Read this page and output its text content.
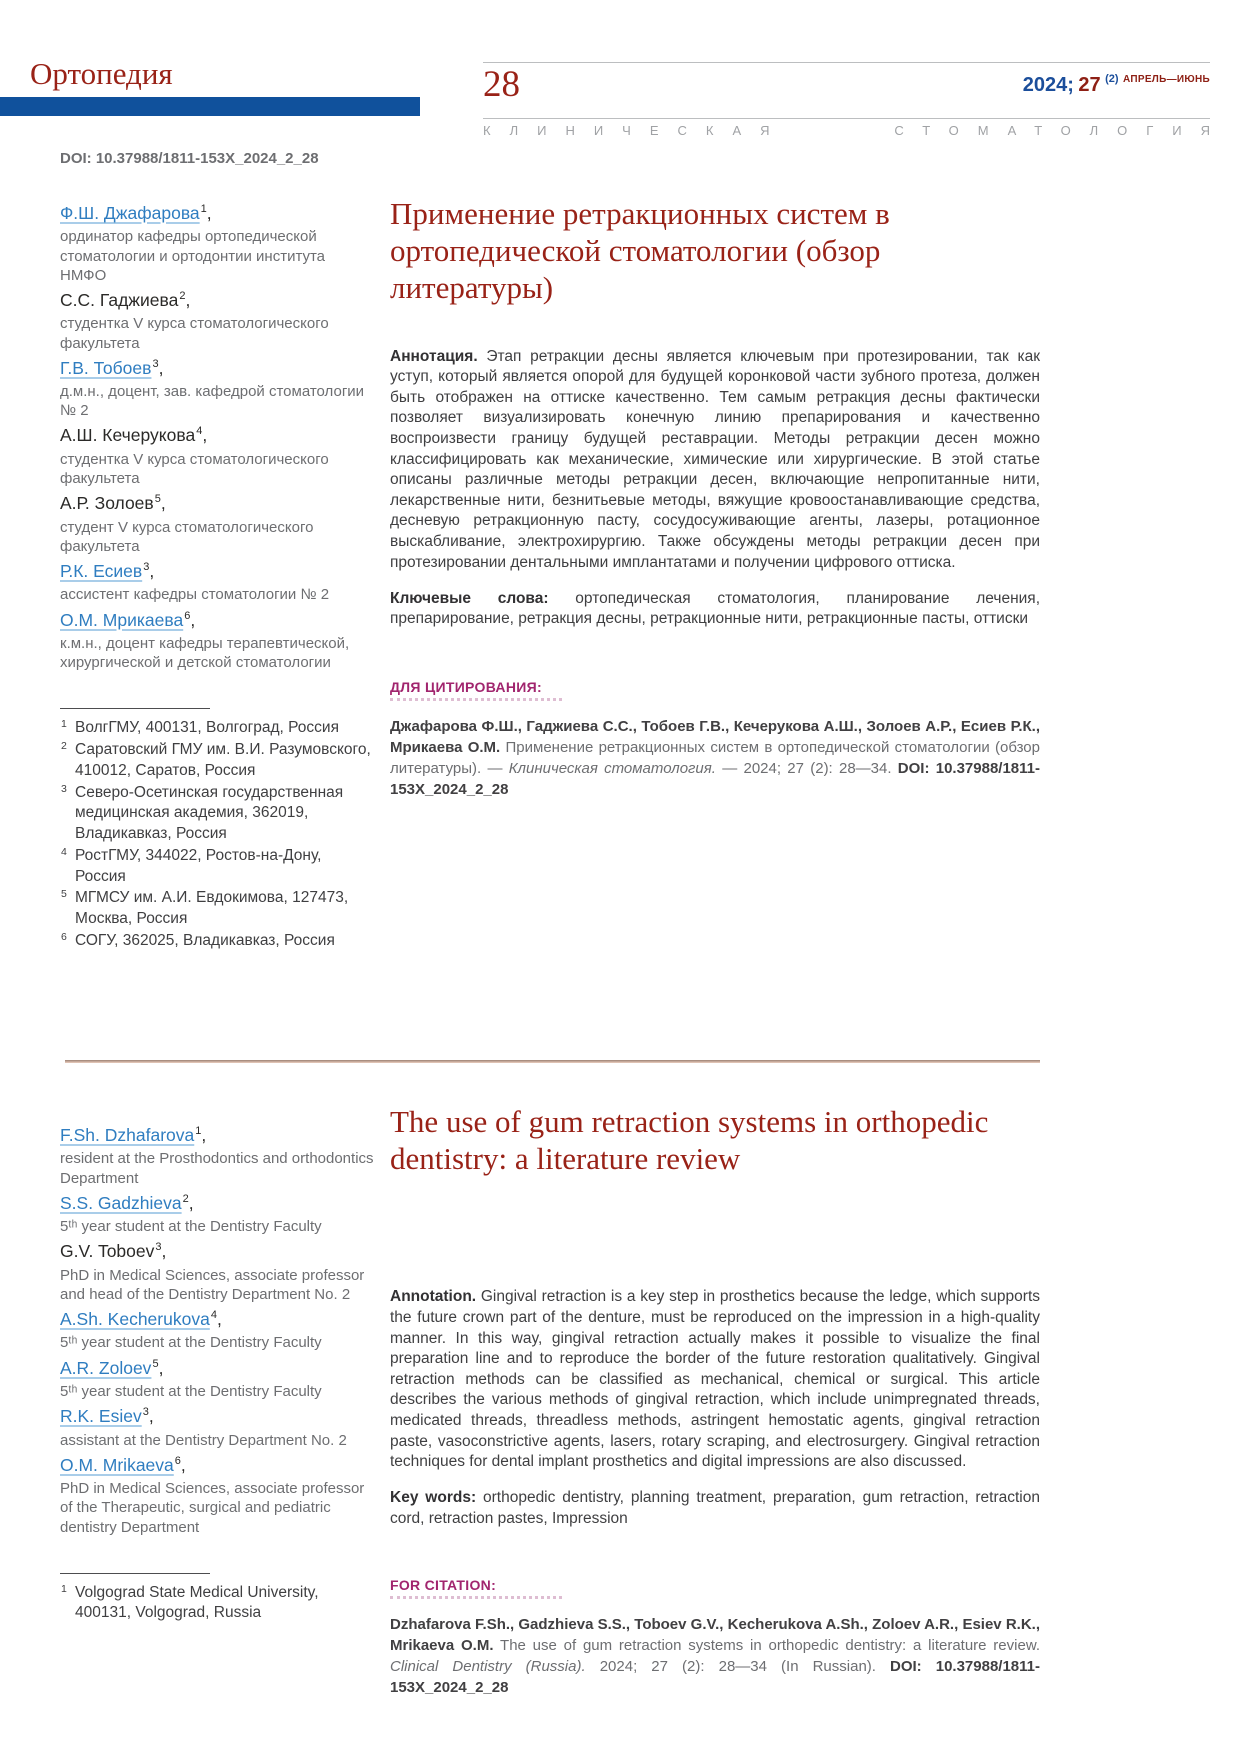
Ортопедия	28	2024; 27 $^{(2)}$ $^{АПРЕЛЬ—ИЮНЬ}$
КЛИНИЧЕСКАЯ	СТОМАТОЛОГИЯ
DOI: 10.37988/1811-153X_2024_2_28
Ф.Ш. Джафарова$^1$,
ординатор кафедры ортопедической стоматологии и ортодонтии института НМФО
С.С. Гаджиева$^2$,
студентка V курса стоматологического факультета
Г.В. Тобоев$^3$,
д.м.н., доцент, зав. кафедрой стоматологии № 2
А.Ш. Кечерукова$^4$,
студентка V курса стоматологического факультета
А.Р. Золоев$^5$,
студент V курса стоматологического факультета
Р.К. Есиев$^3$,
ассистент кафедры стоматологии № 2
О.М. Мрикаева$^6$,
к.м.н., доцент кафедры терапевтической, хирургической и детской стоматологии
1 ВолгГМУ, 400131, Волгоград, Россия
2 Саратовский ГМУ им. В.И. Разумовского, 410012, Саратов, Россия
3 Северо-Осетинская государственная медицинская академия, 362019, Владикавказ, Россия
4 РостГМУ, 344022, Ростов-на-Дону, Россия
5 МГМСУ им. А.И. Евдокимова, 127473, Москва, Россия
6 СОГУ, 362025, Владикавказ, Россия
Применение ретракционных систем в ортопедической стоматологии (обзор литературы)

Аннотация. Этап ретракции десны является ключевым при протезировании, так как уступ, который является опорой для будущей коронковой части зубного протеза, должен быть отображен на оттиске качественно. Тем самым ретракция десны фактически позволяет визуализировать конечную линию препарирования и качественно воспроизвести границу будущей реставрации. Методы ретракции десен можно классифицировать как механические, химические или хирургические. В этой статье описаны различные методы ретракции десен, включающие непропитанные нити, лекарственные нити, безнитьевые методы, вяжущие кровоостанавливающие средства, десневую ретракционную пасту, сосудосуживающие агенты, лазеры, ротационное выскабливание, электрохирургию. Также обсуждены методы ретракции десен при протезировании дентальными имплантатами и получении цифрового оттиска.

Ключевые слова: ортопедическая стоматология, планирование лечения, препарирование, ретракция десны, ретракционные нити, ретракционные пасты, оттиски

ДЛЯ ЦИТИРОВАНИЯ:

Джафарова Ф.Ш., Гаджиева С.С., Тобоев Г.В., Кечерукова А.Ш., Золоев А.Р., Есиев Р.К., Мрикаева О.М. Применение ретракционных систем в ортопедической стоматологии (обзор литературы). — Клиническая стоматология. — 2024; 27 (2): 28—34. DOI: 10.37988/1811-153X_2024_2_28

F.Sh. Dzhafarova$^1$,
resident at the Prosthodontics and orthodontics Department
S.S. Gadzhieva$^2$,
5ᵗʰ year student at the Dentistry Faculty
G.V. Toboev$^3$,
PhD in Medical Sciences, associate professor and head of the Dentistry Department No. 2
A.Sh. Kecherukova$^4$,
5ᵗʰ year student at the Dentistry Faculty
A.R. Zoloev$^5$,
5ᵗʰ year student at the Dentistry Faculty
R.K. Esiev$^3$,
assistant at the Dentistry Department No. 2
O.M. Mrikaeva$^6$,
PhD in Medical Sciences, associate professor of the Therapeutic, surgical and pediatric dentistry Department
1 Volgograd State Medical University, 400131, Volgograd, Russia
The use of gum retraction systems in orthopedic dentistry: a literature review

Annotation. Gingival retraction is a key step in prosthetics because the ledge, which supports the future crown part of the denture, must be reproduced on the impression in a high-quality manner. In this way, gingival retraction actually makes it possible to visualize the final preparation line and to reproduce the border of the future restoration qualitatively. Gingival retraction methods can be classified as mechanical, chemical or surgical. This article describes the various methods of gingival retraction, which include unimpregnated threads, medicated threads, threadless methods, astringent hemostatic agents, gingival retraction paste, vasoconstrictive agents, lasers, rotary scraping, and electrosurgery. Gingival retraction techniques for dental implant prosthetics and digital impressions are also discussed.

Key words: orthopedic dentistry, planning treatment, preparation, gum retraction, retraction cord, retraction pastes, Impression

FOR CITATION:

Dzhafarova F.Sh., Gadzhieva S.S., Toboev G.V., Kecherukova A.Sh., Zoloev A.R., Esiev R.K., Mrikaeva O.M. The use of gum retraction systems in orthopedic dentistry: a literature review. Clinical Dentistry (Russia). 2024; 27 (2): 28—34 (In Russian). DOI: 10.37988/1811-153X_2024_2_28
